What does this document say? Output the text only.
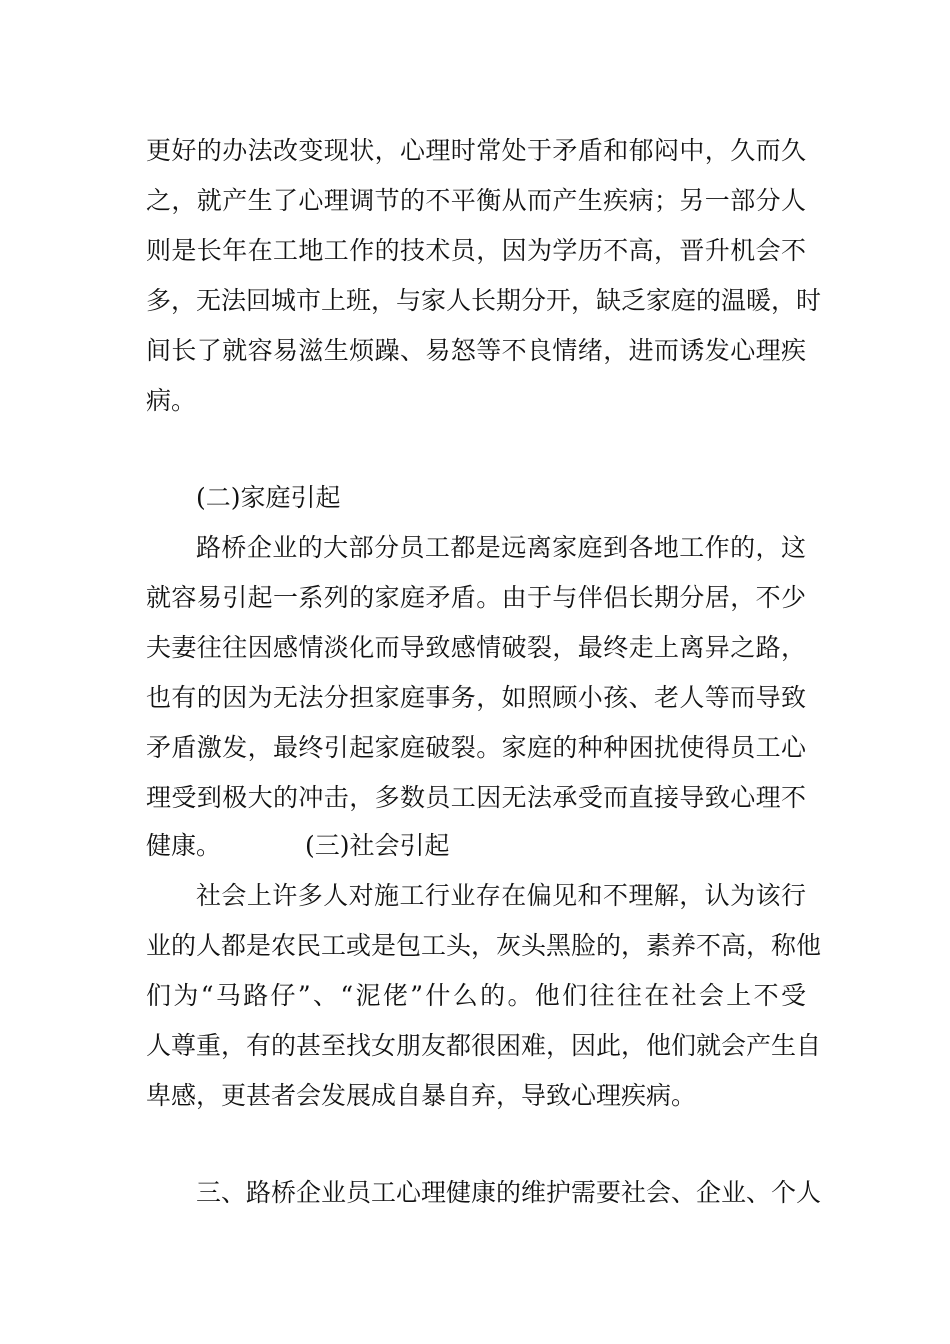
更好的办法改变现状，心理时常处于矛盾和郁闷中，久而久
之，就产生了心理调节的不平衡从而产生疾病；另一部分人
则是长年在工地工作的技术员，因为学历不高，晋升机会不
多，无法回城市上班，与家人长期分开，缺乏家庭的温暖，时
间长了就容易滋生烦躁、易怒等不良情绪，进而诱发心理疾
病。
(二)家庭引起
路桥企业的大部分员工都是远离家庭到各地工作的，这
就容易引起一系列的家庭矛盾。由于与伴侣长期分居，不少
夫妻往往因感情淡化而导致感情破裂，最终走上离异之路，
也有的因为无法分担家庭事务，如照顾小孩、老人等而导致
矛盾激发，最终引起家庭破裂。家庭的种种困扰使得员工心
理受到极大的冲击，多数员工因无法承受而直接导致心理不
健康。	(三)社会引起
社会上许多人对施工行业存在偏见和不理解，认为该行
业的人都是农民工或是包工头，灰头黑脸的，素养不高，称他
们为“马路仔”、“泥佬”什么的。他们往往在社会上不受
人尊重，有的甚至找女朋友都很困难，因此，他们就会产生自
卑感，更甚者会发展成自暴自弃，导致心理疾病。
三、路桥企业员工心理健康的维护需要社会、企业、个人
